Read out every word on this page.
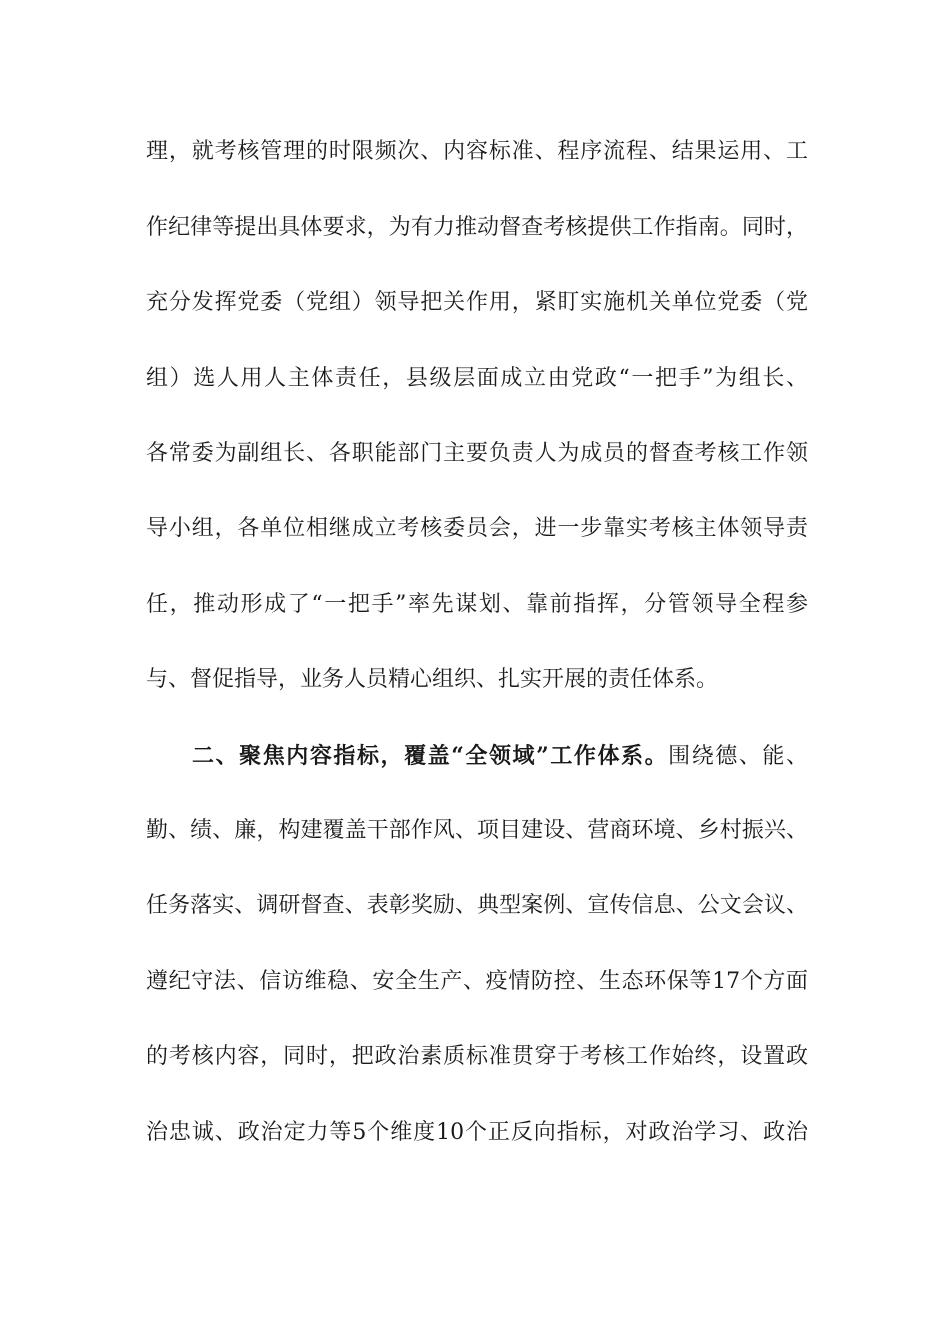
理，就考核管理的时限频次、内容标准、程序流程、结果运用、工
作纪律等提出具体要求，为有力推动督查考核提供工作指南。同时，
充分发挥党委（党组）领导把关作用，紧盯实施机关单位党委（党
组）选人用人主体责任，县级层面成立由党政“一把手”为组长、
各常委为副组长、各职能部门主要负责人为成员的督查考核工作领
导小组，各单位相继成立考核委员会，进一步靠实考核主体领导责
任，推动形成了“一把手”率先谋划、靠前指挥，分管领导全程参
与、督促指导，业务人员精心组织、扎实开展的责任体系。
二、聚焦内容指标，覆盖“全领域”工作体系。围绕德、能、
勤、绩、廉，构建覆盖干部作风、项目建设、营商环境、乡村振兴、
任务落实、调研督查、表彰奖励、典型案例、宣传信息、公文会议、
遵纪守法、信访维稳、安全生产、疫情防控、生态环保等17个方面
的考核内容，同时，把政治素质标准贯穿于考核工作始终，设置政
治忠诚、政治定力等5个维度10个正反向指标，对政治学习、政治
